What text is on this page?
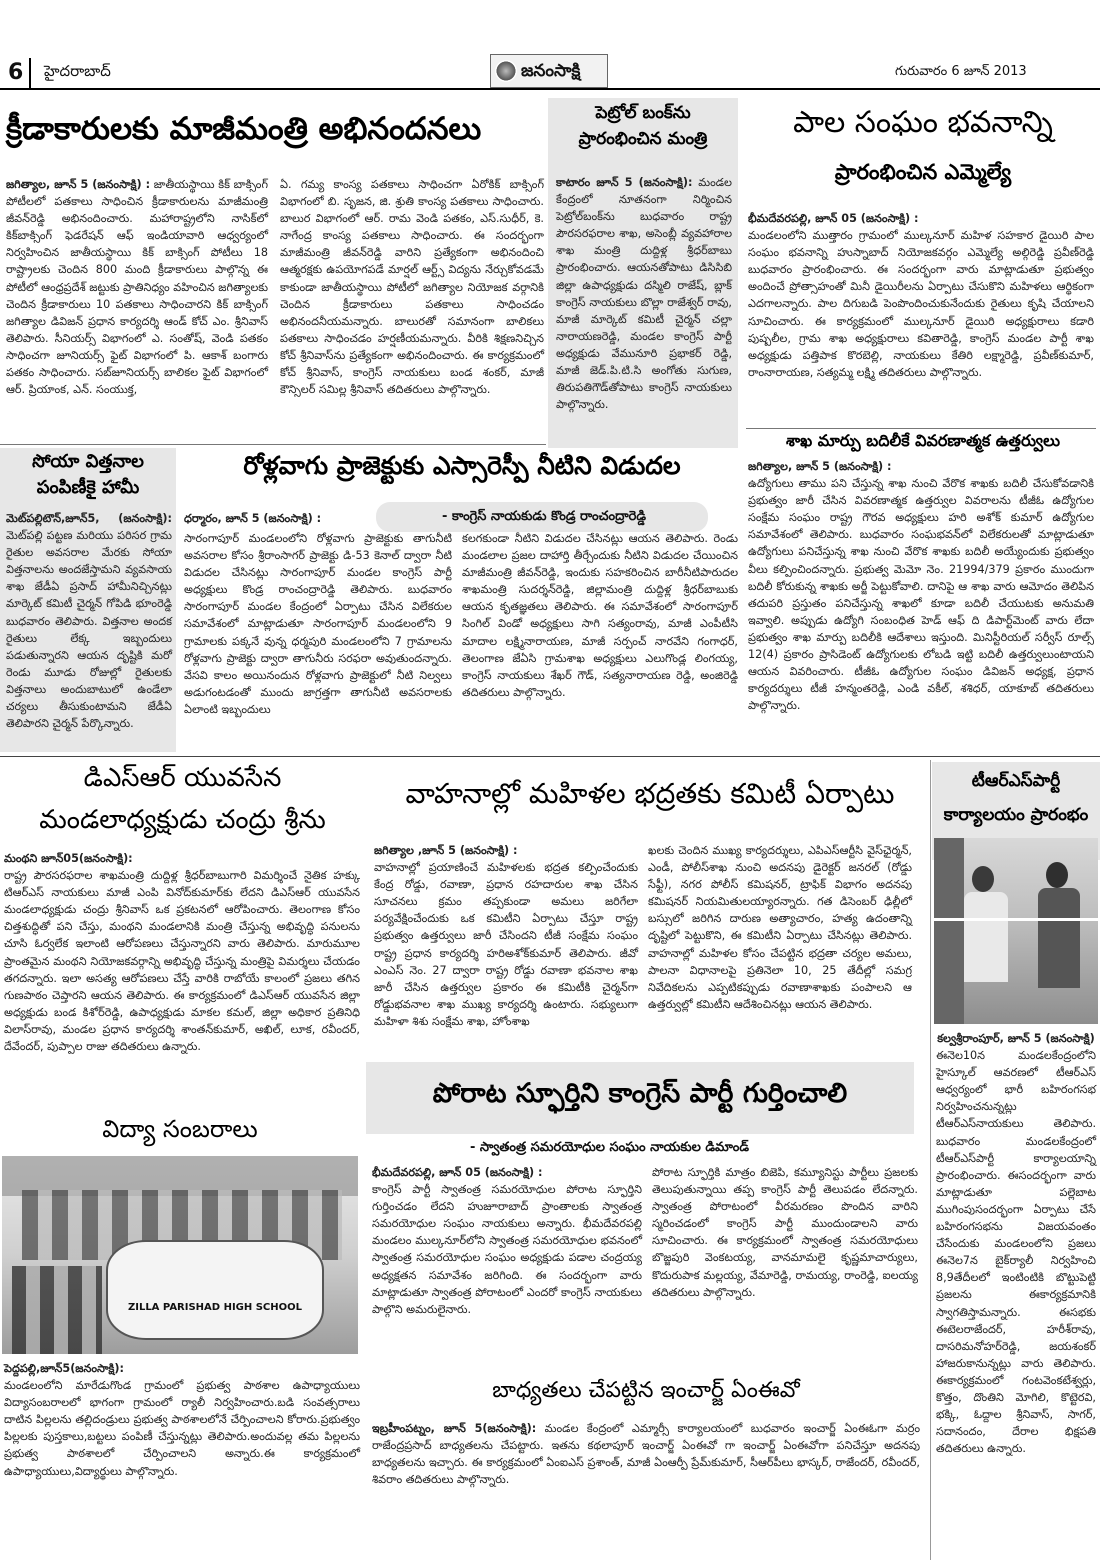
6 హైదరాబాద్	జనంసాక్షి	గురువారం 6 జూన్ 2013
క్రీడాకారులకు మాజీమంత్రి అభినందనలు
జగిత్యాల, జూన్ 5 (జనంసాక్షి) : జాతీయస్థాయి కిక్ బాక్సింగ్ పోటీలలో పతకాలు సాధించిన క్రీడాకారులను మాజీమంత్రి జీవన్‌రెడ్డి అభినందించారు. మహారాష్ట్రలోని నాసిక్‌లో కిక్‌బాక్సింగ్ ఫెడరేషన్ ఆఫ్ ఇండియావారి ఆధ్వర్యంలో నిర్వహించిన జాతీయస్థాయి కిక్ బాక్సింగ్ పోటీలు 18 రాష్ట్రాలకు చెందిన 800 మంది క్రీడాకారులు పాల్గొన్న ఈ పోటీలో ఆంధ్రప్రదేశ్ జట్టుకు ప్రాతినిధ్యం వహించిన జగిత్యాలకు చెందిన క్రీడాకారులు 10 పతకాలు సాధించారని కిక్ బాక్సింగ్ జగిత్యాల డివిజన్ ప్రధాన కార్యదర్శి ఆండ్ కోచ్ ఎం. శ్రీనివాస్ తెలిపారు. సీనియర్స్ విభాగంలో ఎ. సంతోష్, వెండి పతకం సాధించగా జూనియర్స్ ఫైట్ విభాగంలో పి. ఆకాశ్ బంగారు పతకం సాధించారు. సబ్‌జూనియర్స్ బాలికల ఫైట్ విభాగంలో ఆర్. ప్రియాంక, ఎన్. సంయుక్త,
ఏ. గమ్య కాంస్య పతకాలు సాధించగా ఏరోకిక్ బాక్సింగ్ విభాగంలో బి. సృజన, జి. శ్రుతి కాంస్య పతకాలు సాధించారు. బాలుర విభాగంలో ఆర్. రామ వెండి పతకం, ఎస్.సుధీర్, కె. నాగేంద్ర కాంస్య పతకాలు సాధించారు. ఈ సందర్భంగా మాజీమంత్రి జీవన్‌రెడ్డి వారిని ప్రత్యేకంగా అభినందించి ఆత్మరక్షకు ఉపయోగపడే మార్షల్ ఆర్ట్స్ విద్యను నేర్చుకోవడమే కాకుండా జాతీయస్థాయి పోటీలో జగిత్యాల నియోజక వర్గానికి చెందిన క్రీడాకారులు పతకాలు సాధించడం అభినందనీయమన్నారు. బాలురతో సమానంగా బాలికలు పతకాలు సాధించడం హర్షణీయమన్నారు. వీరికి శిక్షణనిచ్చిన కోచ్ శ్రీనివాస్‌ను ప్రత్యేకంగా అభినందించారు. ఈ కార్యక్రమంలో కోచ్ శ్రీనివాస్, కాంగ్రెస్ నాయకులు బండ శంకర్, మాజీ కౌన్సిలర్ సమిల్ల శ్రీనివాస్ తదితరులు పాల్గొన్నారు.
పెట్రోల్ బంక్‌ను
ప్రారంభించిన మంత్రి
కాటారం జూన్ 5 (జనంసాక్షి): మండల కేంద్రంలో నూతనంగా నిర్మించిన పెట్రోల్‌బంక్‌ను బుధవారం రాష్ట్ర పౌరసరఫరాల శాఖ, అసెంబ్లీ వ్యవహారాల శాఖ మంత్రి దుద్దిళ్ల శ్రీధర్‌బాబు ప్రారంభించారు. ఆయనతోపాటు డిసిసిబి జిల్లా ఉపాధ్యక్షుడు దస్మిలి రాజేష్, బ్లాక్ కాంగ్రెస్ నాయకులు బొల్లా రాజేశ్వర్ రావు, మాజీ మార్కెట్ కమిటీ చైర్మన్ చల్లా నారాయణరెడ్డి, మండల కాంగ్రెస్ పార్టీ అధ్యక్షుడు వేమునూరి ప్రభాకర్ రెడ్డి, మాజీ జెడ్.పి.టి.సి అంగోతు సుగుణ, తిరుపతిగౌడ్‌తోపాటు కాంగ్రెస్ నాయకులు పాల్గొన్నారు.
పాల సంఘం భవనాన్ని
ప్రారంభించిన ఎమ్మెల్యే
భీమదేవరపల్లి, జూన్ 05 (జనంసాక్షి) :
మండలంలోని ముత్తారం గ్రామంలో ముల్కనూర్ మహిళ సహకార డైయిరి పాల సంఘం భవనాన్ని హుస్నాబాద్ నియోజకవర్గం ఎమ్మెల్యే అల్గిరెడ్డి ప్రవీణ్‌రెడ్డి బుధవారం ప్రారంభించారు. ఈ సందర్భంగా వారు మాట్లాడుతూ ప్రభుత్వం అందించే ప్రోత్సాహంతో మినీ డైయిరీలను ఏర్పాటు చేసుకొని మహిళలు ఆర్థికంగా ఎదగాలన్నారు. పాల దిగుబడి పెంపొందించుకునేందుకు రైతులు కృషి చేయాలని సూచించారు. ఈ కార్యక్రమంలో ముల్కనూర్ డైయిరి అధ్యక్షురాలు కడారి పుష్పలీల, గ్రామ శాఖ అధ్యక్షురాలు కవితారెడ్డి, కాంగ్రెస్ మండల పార్టీ శాఖ అధ్యక్షుడు పత్తిపాక కొరబెల్లి, నాయకులు కేతిరి లక్ష్మారెడ్డి, ప్రవీణ్‌కుమార్, రాంనారాయణ, సత్యమ్మ లక్ష్మి తదితరులు పాల్గొన్నారు.
శాఖ మార్పు బదిలీకే వివరణాత్మక ఉత్తర్వులు
జగిత్యాల, జూన్ 5 (జనంసాక్షి) :
ఉద్యోగులు తాము పని చేస్తున్న శాఖ నుంచి వేరొక శాఖకు బదిలీ చేసుకోవడానికి ప్రభుత్వం జారీ చేసిన వివరణాత్మక ఉత్తర్వుల వివరాలను టీజీఓ ఉద్యోగుల సంక్షేమ సంఘం రాష్ట్ర గౌరవ అధ్యక్షులు హరి అశోక్ కుమార్ ఉద్యోగుల సమావేశంలో తెలిపారు. బుధవారం సంఘభవన్‌లో విలేకరులతో మాట్లాడుతూ ఉద్యోగులు పనిచేస్తున్న శాఖ నుంచి వేరొక శాఖకు బదిలీ అయ్యేందుకు ప్రభుత్వం వీలు కల్పించిందన్నారు. ప్రభుత్వ మెమో నెం. 21994/379 ప్రకారం ముందుగా బదిలీ కోరుకున్న శాఖకు అర్జీ పెట్టుకోవాలి. దానిపై ఆ శాఖ వారు ఆమోదం తెలిపిన తదుపరి ప్రస్తుతం పనిచేస్తున్న శాఖలో కూడా బదిలీ చేయుటకు అనుమతి ఇవ్వాలి. అప్పుడు ఉద్యోగి సంబంధిత హెడ్ ఆఫ్ ది డిపార్ట్‌మెంట్ వారు లేదా ప్రభుత్వం శాఖ మార్పు బదిలీకి ఆదేశాలు ఇస్తుంది. మినిస్టీరియల్ సర్వీస్ రూల్స్ 12(4) ప్రకారం ప్రాసిడెంట్ ఉద్యోగులకు లోబడి ఇట్టి బదిలీ ఉత్తర్వులుంటాయని ఆయన వివరించారు. టీజీఓ ఉద్యోగుల సంఘం డివిజన్ అధ్యక్ష, ప్రధాన కార్యదర్శులు టీజీ హన్మంతరెడ్డి, ఎండి వకీల్, శశిధర్, యాకూబ్ తదితరులు పాల్గొన్నారు.
సోయా విత్తనాల
పంపిణీకై హామీ
మెట్‌పల్లిటౌన్,జూన్5, (జనంసాక్షి): మెట్‌పల్లి పట్టణ మరియు పరిసర గ్రామ రైతుల అవసరాల మేరకు సోయా విత్తనాలను అందజేస్తామని వ్యవసాయ శాఖ జేడీఏ ప్రసాద్ హామీనిచ్చినట్లు మార్కెట్ కమిటీ చైర్మన్ గోపిడి భూంరెడ్డి బుధవారం తెలిపారు. విత్తనాల అందక రైతులు లేక్క ఇబ్బందులు పడుతున్నారని ఆయన దృష్టికి మరో రెండు మూడు రోజుల్లో రైతులకు విత్తనాలు అందుబాటులో ఉండేలా చర్యలు తీసుకుంటామని జేడీఏ తెలిపారని చైర్మన్ పేర్కొన్నారు.
రోళ్లవాగు ప్రాజెక్టుకు ఎస్సారెస్పీ నీటిని విడుదల
- కాంగ్రెస్ నాయకుడు కొండ్ర రాంచంద్రారెడ్డి
ధర్మారం, జూన్ 5 (జనంసాక్షి) :
సారంగాపూర్ మండలంలోని రోళ్లవాగు ప్రాజెక్టుకు తాగునీటి అవసరాల కోసం శ్రీరాంసాగర్ ప్రాజెక్టు డి-53 కెనాల్ ద్వారా నీటి విడుదల చేసినట్లు సారంగాపూర్ మండల కాంగ్రెస్ పార్టీ అధ్యక్షులు కొండ్ర రాంచంద్రారెడ్డి తెలిపారు. బుధవారం సారంగాపూర్ మండల కేంద్రంలో ఏర్పాటు చేసిన విలేకరుల సమావేశంలో మాట్లాడుతూ సారంగాపూర్ మండలంలోని 9 గ్రామాలకు పక్కనే వున్న ధర్మపురి మండలంలోని 7 గ్రామాలను రోళ్లవాగు ప్రాజెక్టు ద్వారా తాగునీరు సరఫరా అవుతుందన్నారు. వేసవి కాలం అయినందున రోళ్లవాగు ప్రాజెక్టులో నీటి నిల్వలు అడుగంటడంతో ముందు జాగ్రత్తగా తాగునీటి అవసరాలకు ఏలాంటి ఇబ్బందులు
కలగకుండా నీటిని విడుదల చేసినట్లు ఆయన తెలిపారు. రెండు మండలాల ప్రజల దాహార్తి తీర్చేందుకు నీటిని విడుదల చేయించిన మాజీమంత్రి జీవన్‌రెడ్డి, ఇందుకు సహకరించిన బారీనీటిపారుదల శాఖమంత్రి సుదర్శన్‌రెడ్డి, జిల్లామంత్రి దుద్దిళ్ల శ్రీధర్‌బాబుకు ఆయన కృతజ్ఞతలు తెలిపారు. ఈ సమావేశంలో సారంగాపూర్ సింగిల్ విండో అధ్యక్షులు సాగి సత్యంరావు, మాజీ ఎంపీటీసి మాదాల లక్ష్మినారాయణ, మాజీ సర్పంచ్ నారవేని గంగాధర్, తెలంగాణ జేఏసి గ్రామశాఖ అధ్యక్షులు ఎలుగొండ్ల లింగయ్య, కాంగ్రెస్ నాయకులు శేఖర్ గౌడ్, సత్యనారాయణ రెడ్డి, అంజిరెడ్డి తదితరులు పాల్గొన్నారు.
డిఎస్ఆర్ యువసేన
మండలాధ్యక్షుడు చంద్రు శ్రీను
మంథని జూన్05(జనంసాక్షి):
రాష్ట్ర పౌరసరఫరాల శాఖమంత్రి దుద్దిళ్ల శ్రీధర్‌బాబుగారి విమర్శించే నైతిక హక్కు టిఆర్ఎస్ నాయకులు మాజీ ఎంపి వినోద్‌కుమార్‌కు లేదని డిఎస్ఆర్ యువసేన మండలాధ్యక్షుడు చంద్రు శ్రీనివాస్ ఒక ప్రకటనలో ఆరోపించారు. తెలంగాణ కోసం చిత్తశుద్ధితో పని చేస్తు, మంథని మండలానికి మంత్రి చేస్తున్న అభివృద్ధి పనులను చూసి ఓర్వలేక ఇలాంటి ఆరోపణలు చేస్తున్నారని వారు తెలిపారు. మారుమూల ప్రాంతమైన మంథని నియోజకవర్గాన్ని అభివృద్ధి చేస్తున్న మంత్రిపై విమర్శలు చేయడం తగదన్నారు. ఇలా అసత్య ఆరోపణలు చేస్తే వారికి రాబోయే కాలంలో ప్రజలు తగిన గుణపాఠం చెప్తారని ఆయన తెలిపారు. ఈ కార్యక్రమంలో డిఎస్ఆర్ యువసేన జిల్లా అధ్యక్షుడు బండ కిశోర్‌రెడ్డి, ఉపాధ్యక్షుడు మాకల కమల్, జిల్లా అధికార ప్రతినిధి విలాస్‌రావు, మండల ప్రధాన కార్యదర్శి శాంతన్‌కుమార్, అఖిల్, లూక, రవీందర్, దేవేందర్, పుప్పాల రాజు తదితరులు ఉన్నారు.
వాహనాల్లో మహిళల భద్రతకు కమిటీ ఏర్పాటు
జగిత్యాల ,జూన్ 5 (జనంసాక్షి) :
వాహనాల్లో ప్రయాణించే మహిళలకు భద్రత కల్పించేందుకు కేంద్ర రోడ్డు, రవాణా, ప్రధాన రహదారుల శాఖ చేసిన సూచనలు క్రమం తప్పకుండా అమలు జరిగేలా పర్యవేక్షించేందుకు ఒక కమిటీని ఏర్పాటు చేస్తూ రాష్ట్ర ప్రభుత్వం ఉత్తర్వులు జారీ చేసిందని టీజీ సంక్షేమ సంఘం రాష్ట్ర ప్రధాన కార్యదర్శి హరిఅశోక్‌కుమార్ తెలిపారు. జీవో ఎంఎస్ నెం. 27 ద్వారా రాష్ట్ర రోడ్డు రవాణా భవనాల శాఖ జారీ చేసిన ఉత్తర్వుల ప్రకారం ఈ కమిటీకి చైర్మన్‌గా రోడ్డుభవనాల శాఖ ముఖ్య కార్యదర్శి ఉంటారు. సభ్యులుగా మహిళా శిశు సంక్షేమ శాఖ, హోంశాఖ
ఖలకు చెందిన ముఖ్య కార్యదర్శులు, ఎపిఎస్ఆర్టీసి వైస్‌ఛైర్మన్, ఎండీ, పోలీస్‌శాఖ నుంచి అదనపు డైరెక్టర్ జనరల్ (రోడ్డు సేఫ్టీ), నగర పోలీస్ కమిషనర్, ట్రాఫిక్ విభాగం అదనపు కమిషనర్ నియమితులయ్యారన్నారు. గత డిసెంబర్ ఢిల్లీలో బస్సులో జరిగిన దారుణ అత్యాచారం, హత్య ఉదంతాన్ని దృష్టిలో పెట్టుకొని, ఈ కమిటీని ఏర్పాటు చేసినట్లు తెలిపారు. వాహనాల్లో మహిళల కోసం చేపట్టిన భద్రతా చర్యల అమలు, పాలనా విధానాలపై ప్రతినెలా 10, 25 తేదీల్లో సమగ్ర నివేదికలను ఎప్పటికప్పుడు రవాణాశాఖకు పంపాలని ఆ ఉత్తర్వుల్లో కమిటీని ఆదేశించినట్లు ఆయన తెలిపారు.
టీఆర్ఎస్‌పార్టీ
కార్యాలయం ప్రారంభం
కల్వశ్రీరాంపూర్, జూన్ 5 (జనంసాక్షి)
ఈనెల10న మండలకేంద్రంలోని హైస్కూల్ ఆవరణలో టీఆర్ఎస్ ఆధ్వర్యంలో భారీ బహిరంగసభ నిర్వహించనున్నట్లు టీఆర్ఎస్‌నాయకులు తెలిపారు. బుధవారం మండలకేంద్రంలో టీఆర్ఎస్‌పార్టీ కార్యాలయాన్ని ప్రారంభించారు. ఈసందర్భంగా వారు మాట్లాడుతూ పల్లెబాట ముగింపుసందర్భంగా ఏర్పాటు చేసే బహిరంగసభను విజయవంతం చేసేందుకు మండలంలోని ప్రజలు ఈనెల7న బైక్‌ర్యాలీ నిర్వహించి 8,9తేదీలలో ఇంటింటికి బొట్టుపెట్టి ప్రజలను ఈకార్యక్రమానికి స్వాగతిస్తామన్నారు. ఈసభకు ఈటెలరాజేందర్, హరీశ్‌రావు, దాసరిమనోహర్‌రెడ్డి, జయశంకర్ హాజరుకానున్నట్లు వారు తెలిపారు. ఈకార్యక్రమంలో గంటవెంకటేశ్వర్లు, కొత్తం, దొంతిని మోగిలి, కొట్టెరవి, భక్కి, ఓద్దాల శ్రీనివాస్, సాగర్, సదానందం, దేరాల భిక్షపతి తదితరులు ఉన్నారు.
పోరాట స్ఫూర్తిని కాంగ్రెస్ పార్టీ గుర్తించాలి
- స్వాతంత్ర సమరయోధుల సంఘం నాయకుల డిమాండ్
భీమదేవరపల్లి, జూన్ 05 (జనంసాక్షి) :
కాంగ్రెస్ పార్టీ స్వాతంత్ర సమరయోధుల పోరాట స్ఫూర్తిని గుర్తించడం లేదని హుజూరాబాద్ ప్రాంతాలకు స్వాతంత్ర సమరయోధుల సంఘం నాయకులు అన్నారు. భీమదేవరపల్లి మండలం ముల్కనూర్‌లోని స్వాతంత్ర సమరయోధుల భవనంలో స్వాతంత్ర సమరయోధుల సంఘం అధ్యక్షుడు పడాల చంద్రయ్య అధ్యక్షతన సమావేశం జరిగింది. ఈ సందర్భంగా వారు మాట్లాడుతూ స్వాతంత్ర పోరాటంలో ఎందరో కాంగ్రెస్ నాయకులు పాల్గొని అమరులైనారు.
పోరాట స్ఫూర్తికి మాత్రం బిజెపి, కమ్యూనిస్టు పార్టీలు ప్రజలకు తెలుపుతున్నాయి తప్ప కాంగ్రెస్ పార్టీ తెలుపడం లేదన్నారు. స్వాతంత్ర పోరాటంలో వీరమరణం పొందిన వారిని స్మరించడంలో కాంగ్రెస్ పార్టీ ముందుండాలని వారు సూచించారు. ఈ కార్యక్రమంలో స్వాతంత్ర సమరయోధులు బొజ్జపురి వెంకటయ్య, వానమామలై కృష్ణమాచార్యులు, కొదురుపాక మల్లయ్య, వేమారెడ్డి, రామయ్య, రాంరెడ్డి, ఐలయ్య తదితరులు పాల్గొన్నారు.
విద్యా సంబరాలు
ZILLA PARISHAD HIGH SCHOOL
పెద్దపల్లి,జూన్5(జనంసాక్షి):
మండలంలోని మారేడుగొండ గ్రామంలో ప్రభుత్వ పాఠశాల ఉపాధ్యాయులు విద్యాసంబరాలలో భాగంగా గ్రామంలో ర్యాలీ నిర్వహించారు.బడి సంవత్సరాలు దాటిన పిల్లలను తల్లిదండ్రులు ప్రభుత్వ పాఠశాలలోనే చేర్పించాలని కోరారు.ప్రభుత్వం పిల్లలకు పుస్తకాలు,బట్టలు పంపిణీ చేస్తున్నట్లు తెలిపారు.అందువల్ల తమ పిల్లలను ప్రభుత్వ పాఠశాలలో చేర్పించాలని అన్నారు.ఈ కార్యక్రమంలో ఉపాధ్యాయులు,విద్యార్థులు పాల్గొన్నారు.
బాధ్యతలు చేపట్టిన ఇంచార్జ్ ఏంఈవో
ఇబ్రహీంపట్నం, జూన్ 5(జనంసాక్షి): మండల కేంద్రంలో ఎమ్మార్సీ కార్యాలయంలో బుధవారం ఇంచార్జ్ ఏంఈఓగా మర్రం రాజేంద్రప్రసాద్ బాధ్యతలను చేపట్టారు. ఇతను కథలాపూర్ ఇంచార్జ్ ఏంఈవో గా ఇంచార్జ్ ఏంఈవోగా పనిచేస్తూ అదనపు బాధ్యతలను ఇచ్చారు. ఈ కార్యక్రమంలో ఏంఐఎస్ ప్రశాంత్, మాజీ ఏంఆర్పీ ప్రేమ్‌కుమార్, సీఆర్‌పీలు భాస్కర్, రాజేందర్, రవీందర్, శివరాం తదితరులు పాల్గొన్నారు.
